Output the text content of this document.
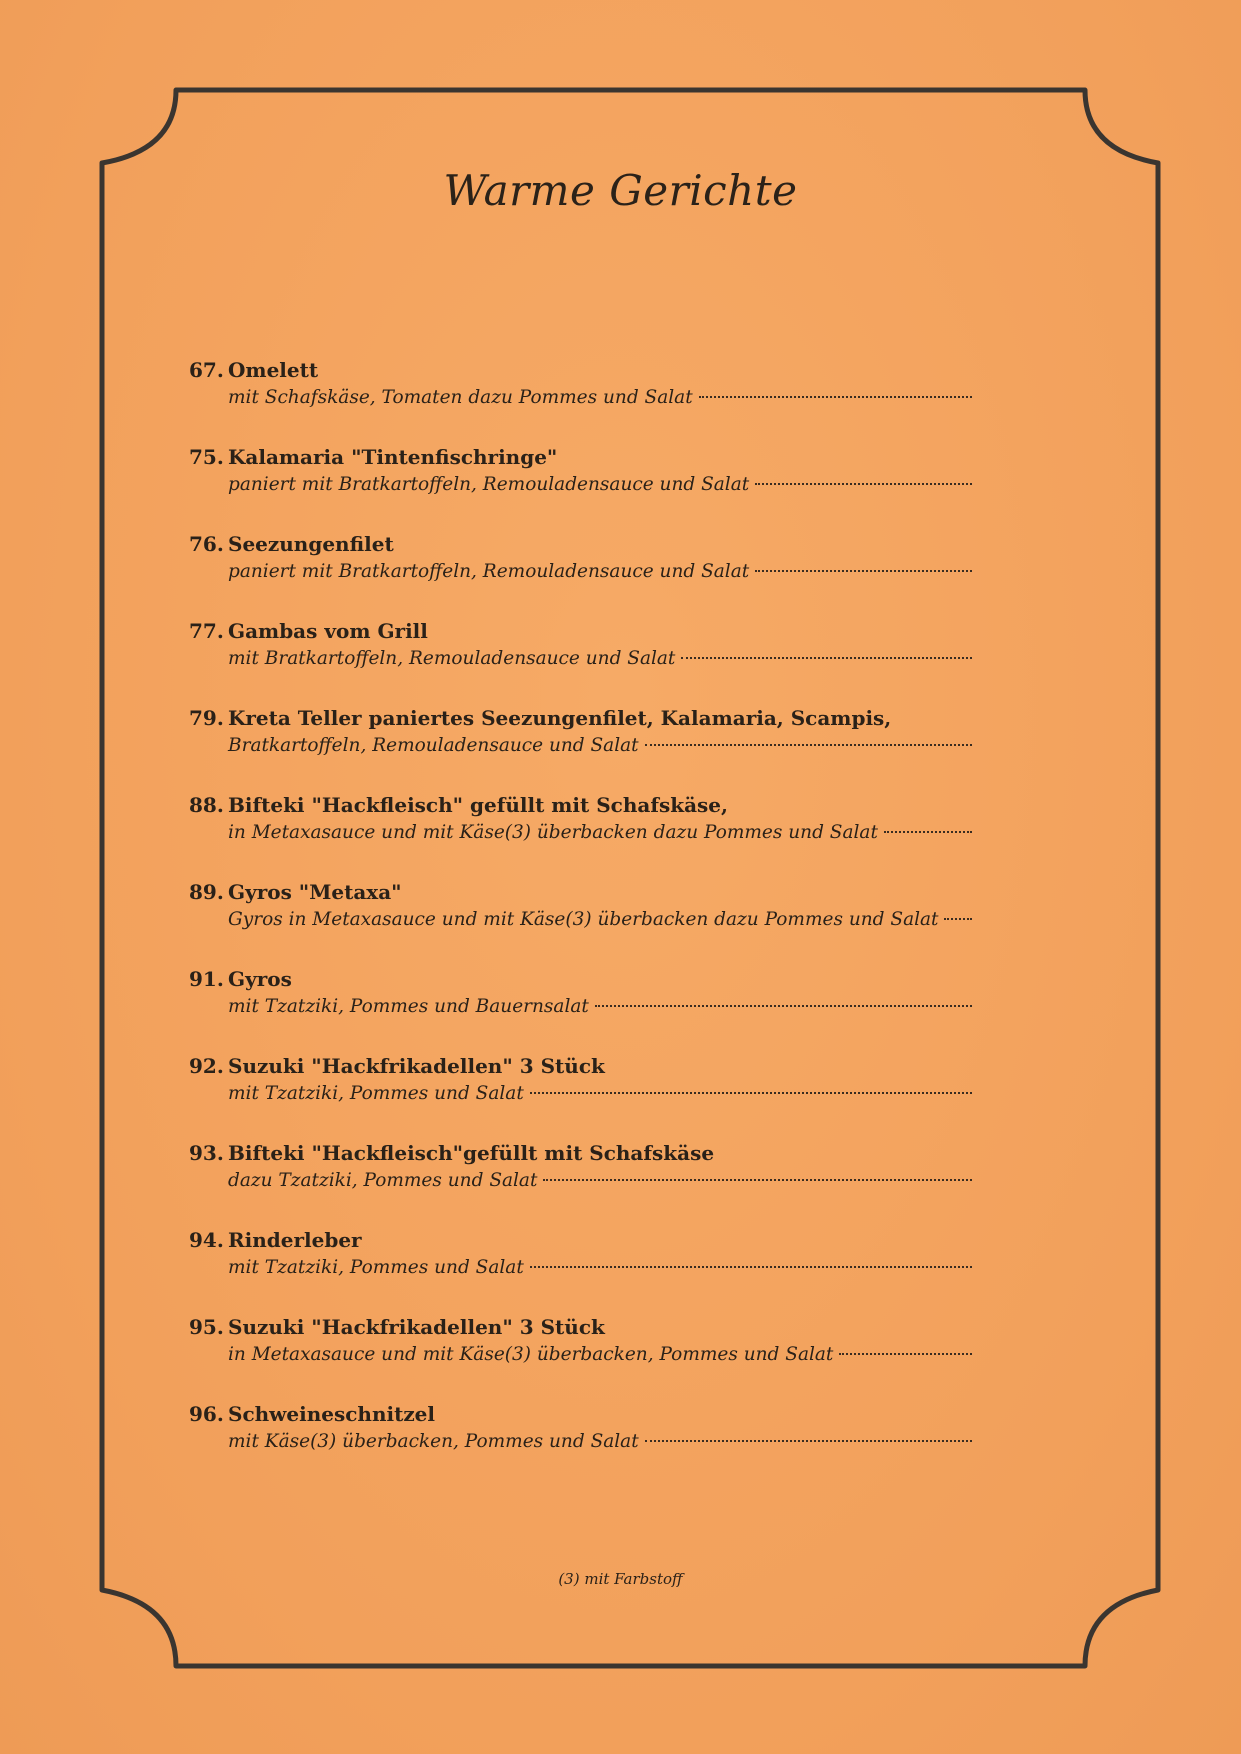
Warme Gerichte
67. Omelett
mit Schafskäse, Tomaten dazu Pommes und Salat
75. Kalamaria "Tintenfischringe"
paniert mit Bratkartoffeln, Remouladensauce und Salat
76. Seezungenfilet
paniert mit Bratkartoffeln, Remouladensauce und Salat
77. Gambas vom Grill
mit Bratkartoffeln, Remouladensauce und Salat
79. Kreta Teller paniertes Seezungenfilet, Kalamaria, Scampis,
Bratkartoffeln, Remouladensauce und Salat
88. Bifteki "Hackfleisch" gefüllt mit Schafskäse,
in Metaxasauce und mit Käse(3) überbacken dazu Pommes und Salat
89. Gyros "Metaxa"
Gyros in Metaxasauce und mit Käse(3) überbacken dazu Pommes und Salat
91. Gyros
mit Tzatziki, Pommes und Bauernsalat
92. Suzuki "Hackfrikadellen" 3 Stück
mit Tzatziki, Pommes und Salat
93. Bifteki "Hackfleisch"gefüllt mit Schafskäse
dazu Tzatziki, Pommes und Salat
94. Rinderleber
mit Tzatziki, Pommes und Salat
95. Suzuki "Hackfrikadellen" 3 Stück
in Metaxasauce und mit Käse(3) überbacken, Pommes und Salat
96. Schweineschnitzel
mit Käse(3) überbacken, Pommes und Salat
(3) mit Farbstoff
